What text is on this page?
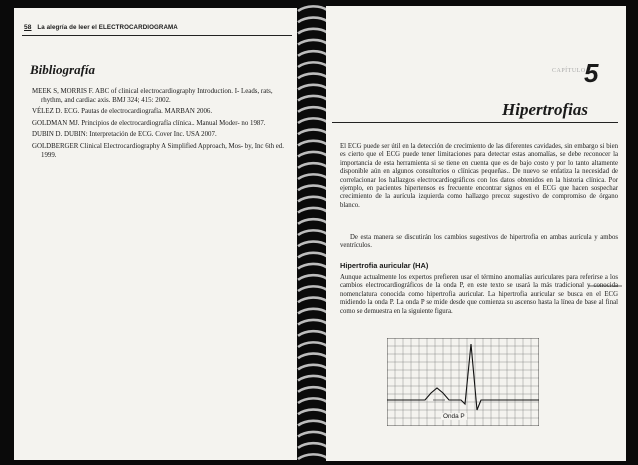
58 La alegría de leer el ELECTROCARDIOGRAMA
Bibliografía
MEEK S, MORRIS F. ABC of clinical electrocardiography Introduction. I- Leads, rats, rhythm, and cardiac axis. BMJ 324; 415: 2002.
VÉLEZ D. ECG. Pautas de electrocardiografía. MARBAN 2006.
GOLDMAN MJ. Principios de electrocardiografía clínica.. Manual Moder- no 1987.
DUBIN D. DUBIN: Interpretación de ECG. Cover Inc. USA 2007.
GOLDBERGER Clinical Electrocardiography A Simplified Approach, Mos- by, Inc 6th ed. 1999.
CAPÍTULO
5
Hipertrofias
El ECG puede ser útil en la detección de crecimiento de las diferentes cavidades, sin embargo si bien es cierto que el ECG puede tener limitaciones para detectar estas anomalías, se debe reconocer la importancia de esta herramienta si se tiene en cuenta que es de bajo costo y por lo tanto altamente disponible aún en algunos consultorios o clínicas pequeñas.. De nuevo se enfatiza la necesidad de correlacionar los hallazgos electrocardiográficos con los datos obtenidos en la historia clínica. Por ejemplo, en pacientes hipertensos es frecuente encontrar signos en el ECG que hacen sospechar crecimiento de la aurícula izquierda como hallazgo precoz sugestivo de compromiso de órgano blanco.
De esta manera se discutirán los cambios sugestivos de hipertrofia en ambas aurícula y ambos ventrículos.
Hipertrofia auricular (HA)
Aunque actualmente los expertos prefieren usar el término anomalías auriculares para referirse a los cambios electrocardiográficos de la onda P, en este texto se usará la más tradicional y conocida nomenclatura conocida como hipertrofia auricular. La hipertrofia auricular se busca en el ECG midiendo la onda P. La onda P se mide desde que comienza su ascenso hasta la línea de base al final como se demuestra en la siguiente figura.
Onda P
